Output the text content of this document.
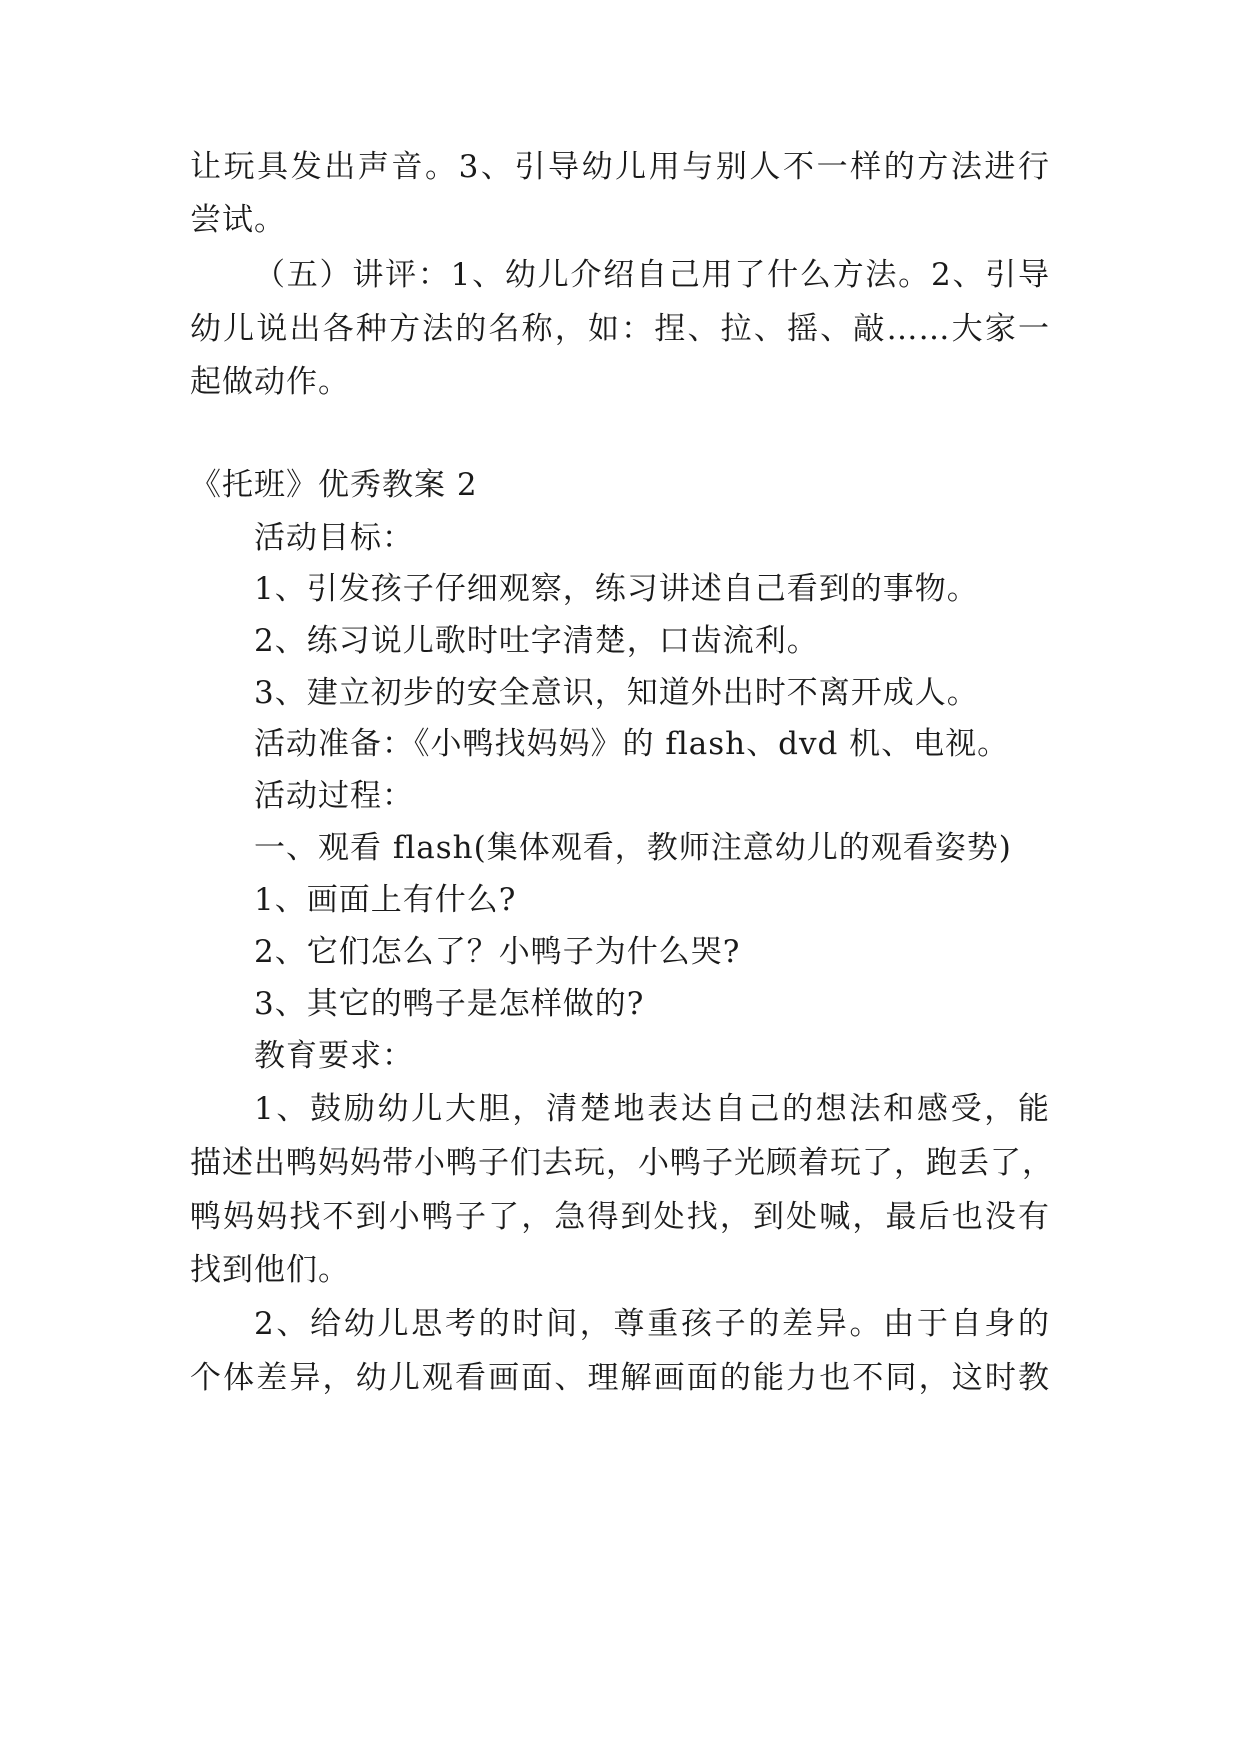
让玩具发出声音。3、引导幼儿用与别人不一样的方法进行
尝试。
（五）讲评：1、幼儿介绍自己用了什么方法。2、引导
幼儿说出各种方法的名称，如：捏、拉、摇、敲……大家一
起做动作。
《托班》优秀教案 2
活动目标：
1、引发孩子仔细观察，练习讲述自己看到的事物。
2、练习说儿歌时吐字清楚，口齿流利。
3、建立初步的安全意识，知道外出时不离开成人。
活动准备：《小鸭找妈妈》的 flash、dvd 机、电视。
活动过程：
一、观看 flash(集体观看，教师注意幼儿的观看姿势)
1、画面上有什么?
2、它们怎么了？小鸭子为什么哭?
3、其它的鸭子是怎样做的?
教育要求：
1、鼓励幼儿大胆，清楚地表达自己的想法和感受，能
描述出鸭妈妈带小鸭子们去玩，小鸭子光顾着玩了，跑丢了，
鸭妈妈找不到小鸭子了，急得到处找，到处喊，最后也没有
找到他们。
2、给幼儿思考的时间，尊重孩子的差异。由于自身的
个体差异，幼儿观看画面、理解画面的能力也不同，这时教
